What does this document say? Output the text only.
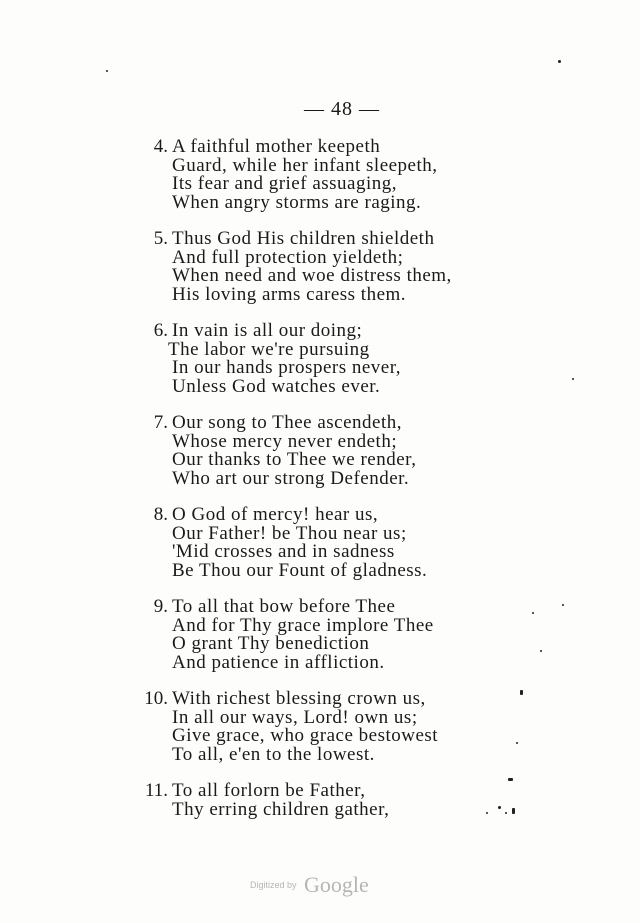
— 48 —
4. A faithful mother keepeth
Guard, while her infant sleepeth,
Its fear and grief assuaging,
When angry storms are raging.
5. Thus God His children shieldeth
And full protection yieldeth;
When need and woe distress them,
His loving arms caress them.
6. In vain is all our doing;
The labor we're pursuing
In our hands prospers never,
Unless God watches ever.
7. Our song to Thee ascendeth,
Whose mercy never endeth;
Our thanks to Thee we render,
Who art our strong Defender.
8. O God of mercy! hear us,
Our Father! be Thou near us;
'Mid crosses and in sadness
Be Thou our Fount of gladness.
9. To all that bow before Thee
And for Thy grace implore Thee
O grant Thy benediction
And patience in affliction.
10. With richest blessing crown us,
In all our ways, Lord! own us;
Give grace, who grace bestowest
To all, e'en to the lowest.
11. To all forlorn be Father,
Thy erring children gather,
Digitized by Google
